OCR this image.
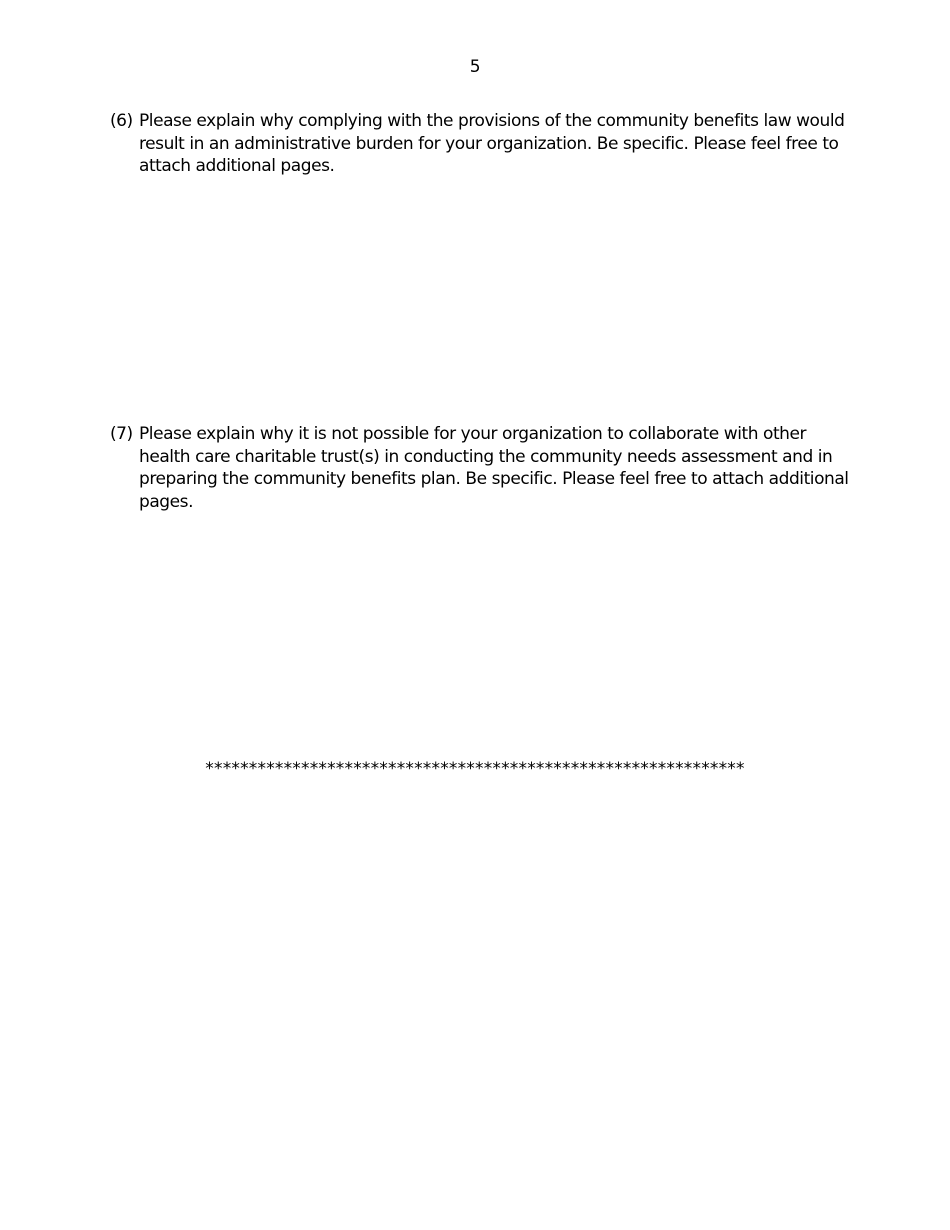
5
(6) Please explain why complying with the provisions of the community benefits law would result in an administrative burden for your organization. Be specific. Please feel free to attach additional pages.
(7) Please explain why it is not possible for your organization to collaborate with other health care charitable trust(s) in conducting the community needs assessment and in preparing the community benefits plan. Be specific. Please feel free to attach additional pages.
**************************************************************
